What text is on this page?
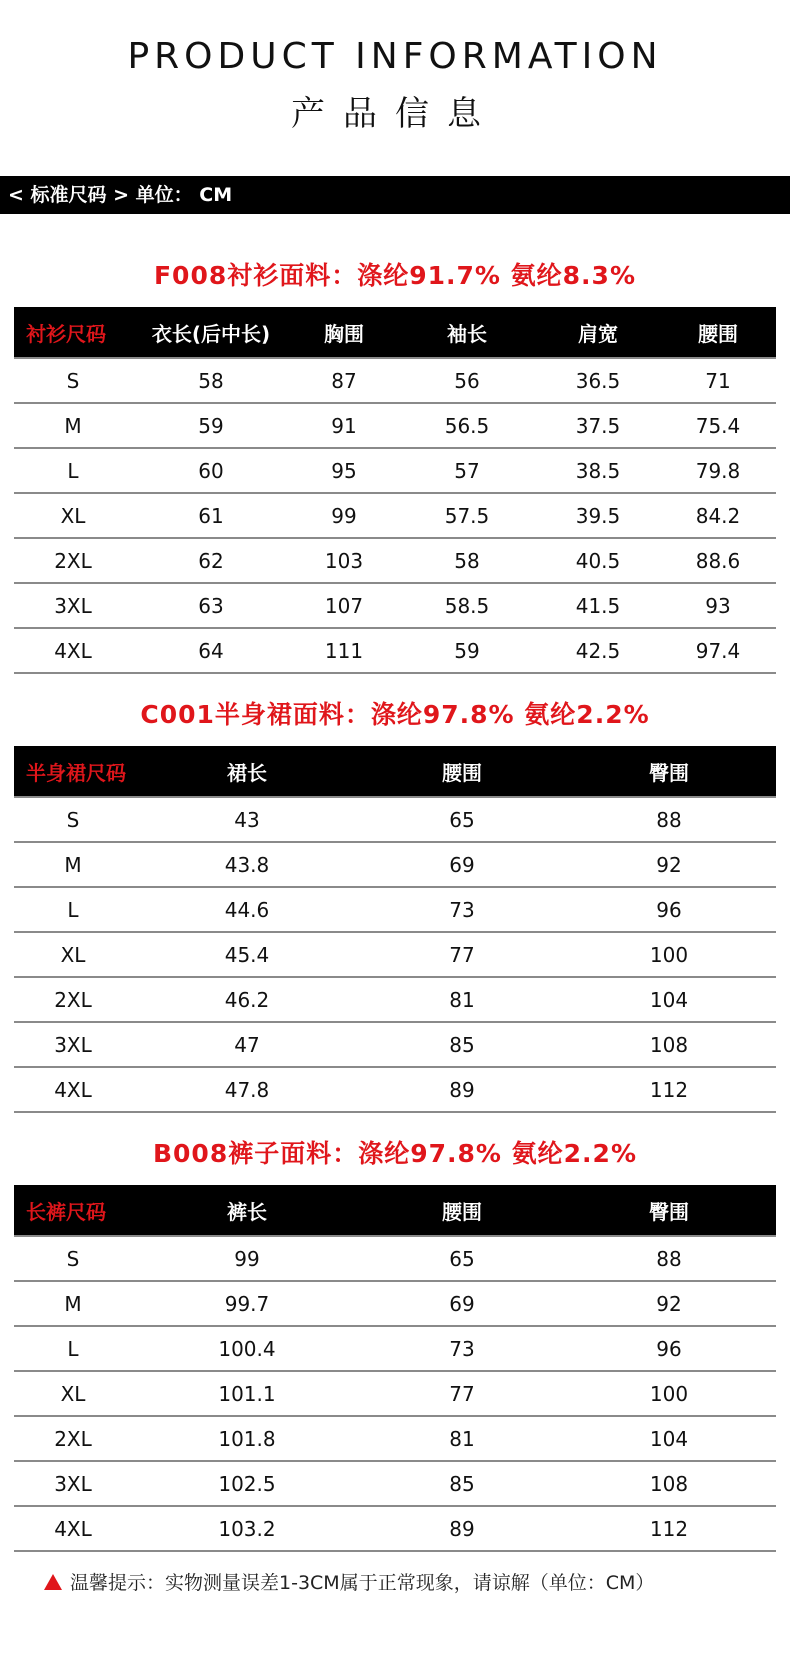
PRODUCT INFORMATION
产品信息
< 标准尺码 > 单位： CM
F008衬衫面料：涤纶91.7% 氨纶8.3%
衬衫尺码	衣长(后中长)	胸围	袖长	肩宽	腰围
S	58	87	56	36.5	71
M	59	91	56.5	37.5	75.4
L	60	95	57	38.5	79.8
XL	61	99	57.5	39.5	84.2
2XL	62	103	58	40.5	88.6
3XL	63	107	58.5	41.5	93
4XL	64	111	59	42.5	97.4
C001半身裙面料：涤纶97.8% 氨纶2.2%
半身裙尺码	裙长	腰围	臀围
S	43	65	88
M	43.8	69	92
L	44.6	73	96
XL	45.4	77	100
2XL	46.2	81	104
3XL	47	85	108
4XL	47.8	89	112
B008裤子面料：涤纶97.8% 氨纶2.2%
长裤尺码	裤长	腰围	臀围
S	99	65	88
M	99.7	69	92
L	100.4	73	96
XL	101.1	77	100
2XL	101.8	81	104
3XL	102.5	85	108
4XL	103.2	89	112
温馨提示：实物测量误差1-3CM属于正常现象，请谅解（单位：CM）
